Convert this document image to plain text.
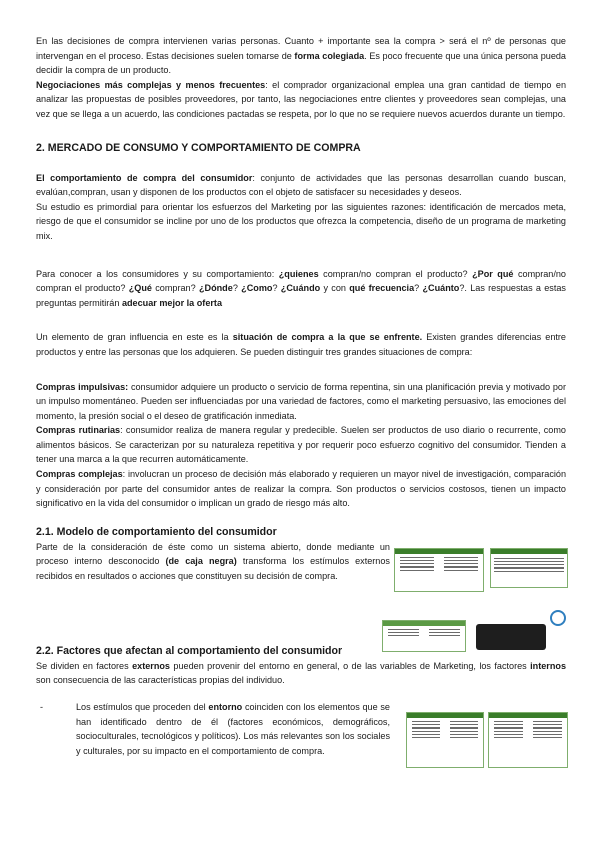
En las decisiones de compra intervienen varias personas. Cuanto + importante sea la compra > será el nº de personas que intervengan en el proceso. Estas decisiones suelen tomarse de forma colegiada. Es poco frecuente que una única persona pueda decidir la compra de un producto.

Negociaciones más complejas y menos frecuentes: el comprador organizacional emplea una gran cantidad de tiempo en analizar las propuestas de posibles proveedores, por tanto, las negociaciones entre clientes y proveedores sean complejas, una vez que se llega a un acuerdo, las condiciones pactadas se respeta, por lo que no se requiere nuevos acuerdos durante un tiempo.

2. MERCADO DE CONSUMO Y COMPORTAMIENTO DE COMPRA

El comportamiento de compra del consumidor: conjunto de actividades que las personas desarrollan cuando buscan, evalúan,compran, usan y disponen de los productos con el objeto de satisfacer su necesidades y deseos.

Su estudio es primordial para orientar los esfuerzos del Marketing por las siguientes razones: identificación de mercados meta, riesgo de que el consumidor se incline por uno de los productos que ofrezca la competencia, diseño de un programa de marketing mix.

Para conocer a los consumidores y su comportamiento: ¿quienes compran/no compran el producto? ¿Por qué compran/no compran el producto? ¿Qué compran? ¿Dónde? ¿Como? ¿Cuándo y con qué frecuencia? ¿Cuánto?. Las respuestas a estas preguntas permitirán adecuar mejor la oferta

Un elemento de gran influencia en este es la situación de compra a la que se enfrente. Existen grandes diferencias entre productos y entre las personas que los adquieren. Se pueden distinguir tres grandes situaciones de compra:

Compras impulsivas: consumidor adquiere un producto o servicio de forma repentina, sin una planificación previa y motivado por un impulso momentáneo. Pueden ser influenciadas por una variedad de factores, como el marketing persuasivo, las emociones del momento, la presión social o el deseo de gratificación inmediata.

Compras rutinarias: consumidor realiza de manera regular y predecible. Suelen ser productos de uso diario o recurrente, como alimentos básicos. Se caracterizan por su naturaleza repetitiva y por requerir poco esfuerzo cognitivo del consumidor. Tienden a tener una marca a la que recurren automáticamente.

Compras complejas: involucran un proceso de decisión más elaborado y requieren un mayor nivel de investigación, comparación y consideración por parte del consumidor antes de realizar la compra. Son productos o servicios costosos, tienen un impacto significativo en la vida del consumidor o implican un grado de riesgo más alto.

2.1. Modelo de comportamiento del consumidor

Parte de la consideración de éste como un sistema abierto, donde mediante un proceso interno desconocido (de caja negra) transforma los estímulos externos recibidos en resultados o acciones que constituyen su decisión de compra.

2.2. Factores que afectan al comportamiento del consumidor

Se dividen en factores externos pueden provenir del entorno en general, o de las variables de Marketing, los factores internos son consecuencia de las características propias del individuo.

-	Los estímulos que proceden del entorno coinciden con los elementos que se han identificado dentro de él (factores económicos, demográficos, socioculturales, tecnológicos y políticos). Los más relevantes son los sociales y culturales, por su impacto en el comportamiento de compra.
